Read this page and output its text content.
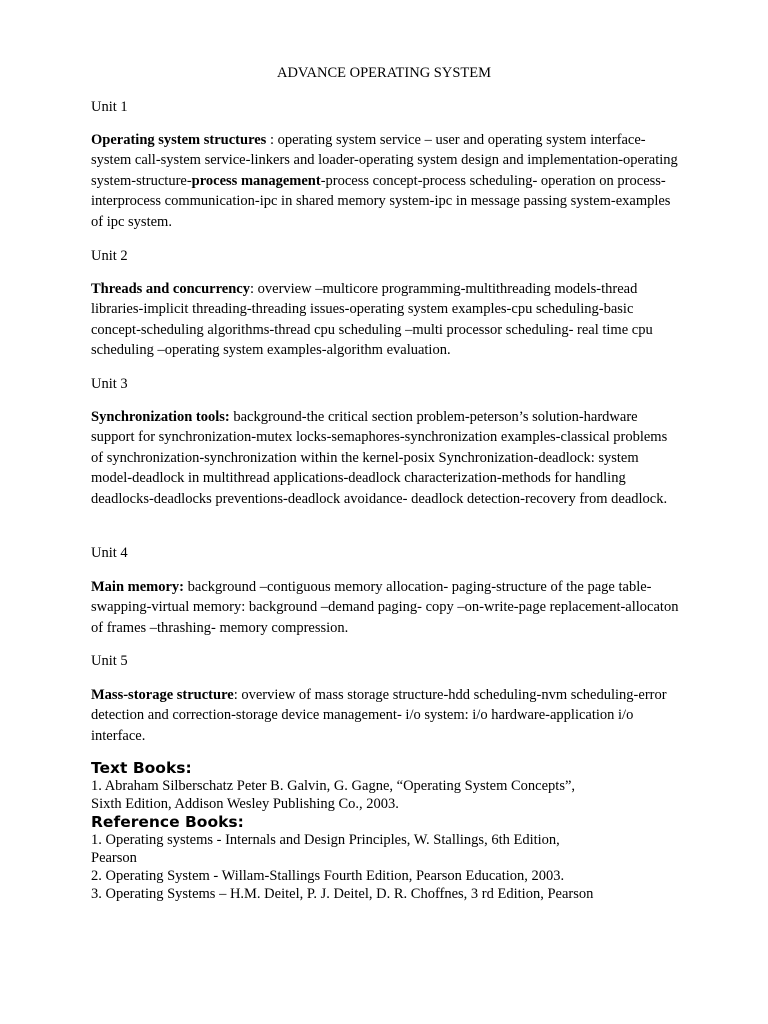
ADVANCE OPERATING SYSTEM
Unit 1
Operating system structures : operating system service – user and operating system interface-system call-system service-linkers and loader-operating system design and implementation-operating system-structure-process management-process concept-process scheduling- operation on process-interprocess communication-ipc in shared memory system-ipc in message passing system-examples of ipc system.
Unit 2
Threads and concurrency: overview –multicore programming-multithreading models-thread libraries-implicit threading-threading issues-operating system examples-cpu scheduling-basic concept-scheduling algorithms-thread cpu scheduling –multi processor scheduling- real time cpu scheduling –operating system examples-algorithm evaluation.
Unit 3
Synchronization tools: background-the critical section problem-peterson’s solution-hardware support for synchronization-mutex locks-semaphores-synchronization examples-classical problems of synchronization-synchronization within the kernel-posix Synchronization-deadlock: system model-deadlock in multithread applications-deadlock characterization-methods for handling deadlocks-deadlocks preventions-deadlock avoidance- deadlock detection-recovery from deadlock.
Unit 4
Main memory: background –contiguous memory allocation- paging-structure of the page table-swapping-virtual memory: background –demand paging- copy –on-write-page replacement-allocaton of frames –thrashing- memory compression.
Unit 5
Mass-storage structure: overview of mass storage structure-hdd scheduling-nvm scheduling-error detection and correction-storage device management- i/o system: i/o hardware-application i/o interface.
Text Books:
1. Abraham Silberschatz Peter B. Galvin, G. Gagne, “Operating System Concepts”,
Sixth Edition, Addison Wesley Publishing Co., 2003.
Reference Books:
1. Operating systems - Internals and Design Principles, W. Stallings, 6th Edition,
Pearson
2. Operating System - Willam-Stallings Fourth Edition, Pearson Education, 2003.
3. Operating Systems – H.M. Deitel, P. J. Deitel, D. R. Choffnes, 3 rd Edition, Pearson
